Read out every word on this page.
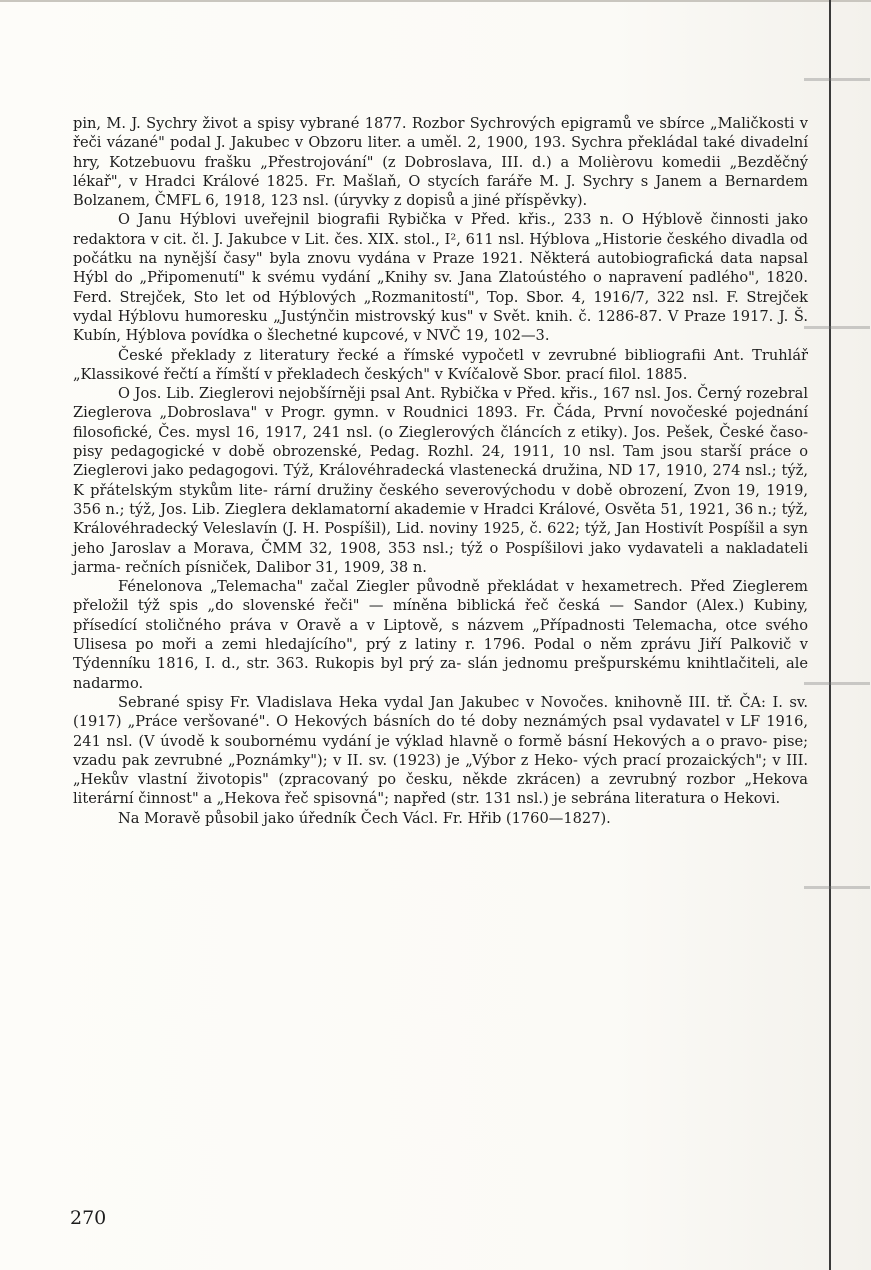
pin, M. J. Sychry život a spisy vybrané 1877. Rozbor Sychrových epigramů ve sbírce „Maličkosti v řeči vázané" podal J. Jakubec v Obzoru liter. a uměl. 2, 1900, 193. Sychra překládal také divadelní hry, Kotzebuovu frašku „Přestrojování" (z Dobroslava, III. d.) a Molièrovu komedii „Bezděčný lékař", v Hradci Králové 1825. Fr. Mašlaň, O stycích faráře M. J. Sychry s Janem a Bernardem Bolzanem, ČMFL 6, 1918, 123 nsl. (úryvky z dopisů a jiné příspěvky).

O Janu Hýblovi uveřejnil biografii Rybička v Před. křis., 233 n. O Hýblově činnosti jako redaktora v cit. čl. J. Jakubce v Lit. čes. XIX. stol., I², 611 nsl. Hýblova „Historie českého divadla od počátku na nynější časy" byla znovu vydána v Praze 1921. Některá autobiografická data napsal Hýbl do „Připomenutí" k svému vydání „Knihy sv. Jana Zlatoústého o napravení padlého", 1820. Ferd. Strejček, Sto let od Hýblových „Rozmanitostí", Top. Sbor. 4, 1916/7, 322 nsl. F. Strejček vydal Hýblovu humoresku „Justýnčin mistrovský kus" v Svět. knih. č. 1286-87. V Praze 1917. J. Š. Kubín, Hýblova povídka o šlechetné kupcové, v NVČ 19, 102—3.

České překlady z literatury řecké a římské vypočetl v zevrubné bibliografii Ant. Truhlář „Klassikové řečtí a římští v překladech českých" v Kvíčalově Sbor. prací filol. 1885.

O Jos. Lib. Zieglerovi nejobšírněji psal Ant. Rybička v Před. křis., 167 nsl. Jos. Černý rozebral Zieglerova „Dobroslava" v Progr. gymn. v Roudnici 1893. Fr. Čáda, První novočeské pojednání filosofické, Čes. mysl 16, 1917, 241 nsl. (o Zieglerových článcích z etiky). Jos. Pešek, České časo- pisy pedagogické v době obrozenské, Pedag. Rozhl. 24, 1911, 10 nsl. Tam jsou starší práce o Zieglerovi jako pedagogovi. Týž, Královéhradecká vlastenecká družina, ND 17, 1910, 274 nsl.; týž, K přátelským stykům lite- rární družiny českého severovýchodu v době obrození, Zvon 19, 1919, 356 n.; týž, Jos. Lib. Zieglera deklamatorní akademie v Hradci Králové, Osvěta 51, 1921, 36 n.; týž, Královéhradecký Veleslavín (J. H. Pospíšil), Lid. noviny 1925, č. 622; týž, Jan Hostivít Pospíšil a syn jeho Jaroslav a Morava, ČMM 32, 1908, 353 nsl.; týž o Pospíšilovi jako vydavateli a nakladateli jarma- rečních písniček, Dalibor 31, 1909, 38 n.

Fénelonova „Telemacha" začal Ziegler původně překládat v hexametrech. Před Zieglerem přeložil týž spis „do slovenské řeči" — míněna biblická řeč česká — Sandor (Alex.) Kubiny, přísedící stoličného práva v Oravě a v Liptově, s názvem „Případnosti Telemacha, otce svého Ulisesa po moři a zemi hledajícího", prý z latiny r. 1796. Podal o něm zprávu Jiří Palkovič v Týdenníku 1816, I. d., str. 363. Rukopis byl prý za- slán jednomu prešpurskému knihtlačiteli, ale nadarmo.

Sebrané spisy Fr. Vladislava Heka vydal Jan Jakubec v Novočes. knihovně III. tř. ČA: I. sv. (1917) „Práce veršované". O Hekových básních do té doby neznámých psal vydavatel v LF 1916, 241 nsl. (V úvodě k soubornému vydání je výklad hlavně o formě básní Hekových a o pravo- pise; vzadu pak zevrubné „Poznámky"); v II. sv. (1923) je „Výbor z Heko- vých prací prozaických"; v III. „Hekův vlastní životopis" (zpracovaný po česku, někde zkrácen) a zevrubný rozbor „Hekova literární činnost" a „Hekova řeč spisovná"; napřed (str. 131 nsl.) je sebrána literatura o Hekovi.

Na Moravě působil jako úředník Čech Václ. Fr. Hřib (1760—1827).

270
